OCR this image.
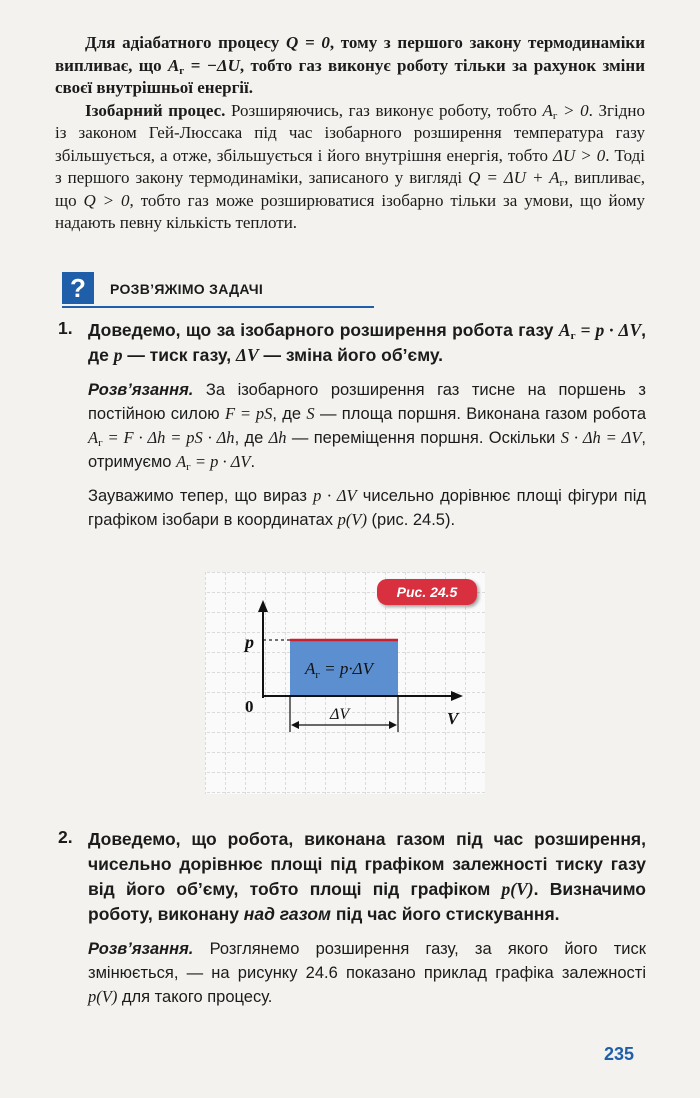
Для адіабатного процесу Q = 0, тому з першого закону термодинаміки випливає, що $A_г = -\Delta U$, тобто газ виконує роботу тільки за рахунок зміни своєї внутрішньої енергії.

Ізобарний процес. Розширяючись, газ виконує роботу, тобто $A_г > 0$. Згідно із законом Гей-Люссака під час ізобарного розширення температура газу збільшується, а отже, збільшується і його внутрішня енергія, тобто ΔU > 0. Тоді з першого закону термодинаміки, записаного у вигляді $Q = \Delta U + A_г$, випливає, що Q > 0, тобто газ може розширюватися ізобарно тільки за умови, що йому надають певну кількість теплоти.

?	РОЗВ’ЯЖІМО ЗАДАЧІ
1. Доведемо, що за ізобарного розширення робота газу $A_г = p \cdot \Delta V$, де p — тиск газу, ΔV — зміна його об’єму.
Розв’язання. За ізобарного розширення газ тисне на поршень з постійною силою F = pS, де S — площа поршня. Виконана газом робота $A_г = F \cdot \Delta h$ = pS · Δh, де Δh — переміщення поршня. Оскільки S · Δh = ΔV, отримуємо $A_г = p \cdot \Delta V$.
Зауважимо тепер, що вираз p · ΔV чисельно дорівнює площі фігури під графіком ізобари в координатах p(V) (рис. 24.5).
p
V
0
$A_г = p\cdot\Delta V$
ΔV
Рис. 24.5
2. Доведемо, що робота, виконана газом під час розширення, чисельно дорівнює площі під графіком залежності тиску газу від його об’єму, тобто площі під графіком p(V). Визначимо роботу, виконану над газом під час його стискування.
Розв’язання. Розглянемо розширення газу, за якого його тиск змінюється, — на рисунку 24.6 показано приклад графіка залежності p(V) для такого процесу.
235
